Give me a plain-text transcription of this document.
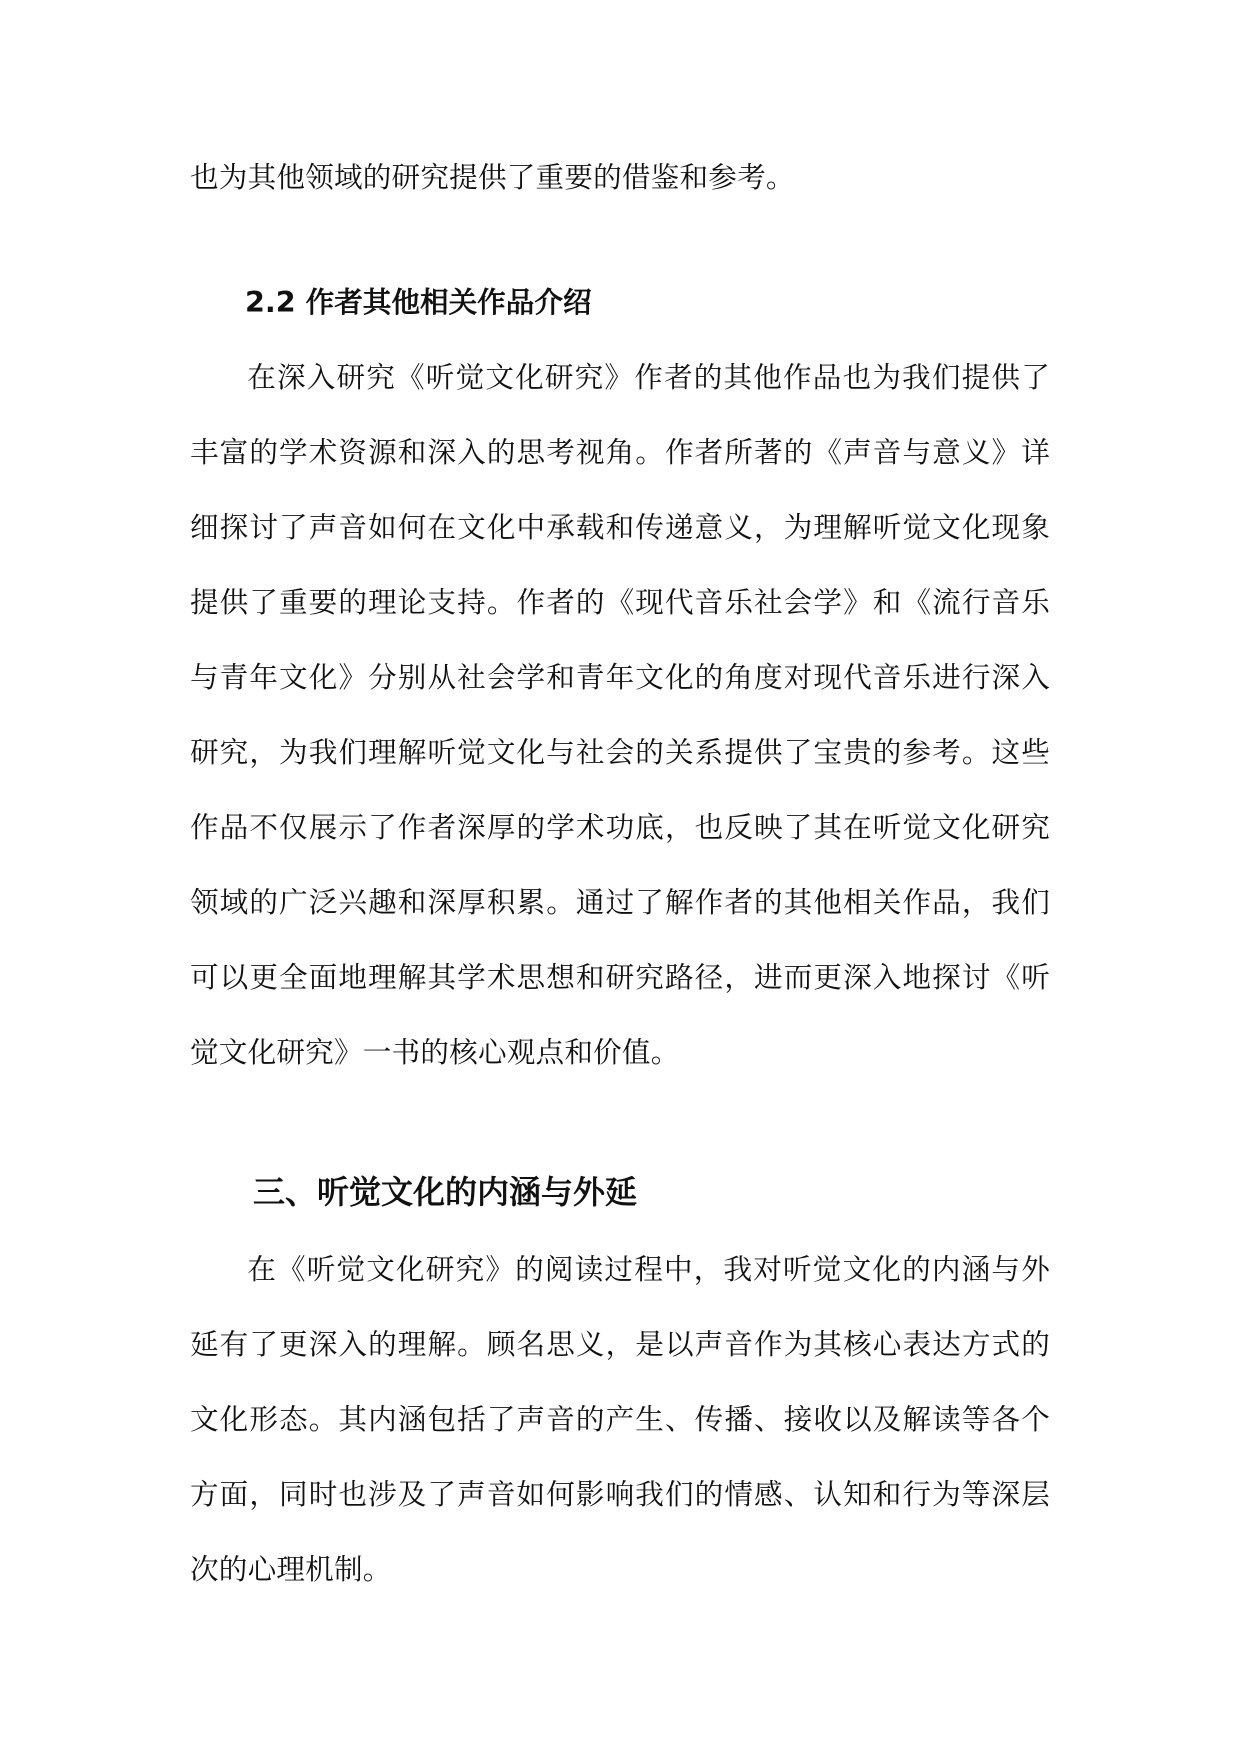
也为其他领域的研究提供了重要的借鉴和参考。

2.2 作者其他相关作品介绍

在深入研究《听觉文化研究》作者的其他作品也为我们提供了丰富的学术资源和深入的思考视角。作者所著的《声音与意义》详细探讨了声音如何在文化中承载和传递意义，为理解听觉文化现象提供了重要的理论支持。作者的《现代音乐社会学》和《流行音乐与青年文化》分别从社会学和青年文化的角度对现代音乐进行深入研究，为我们理解听觉文化与社会的关系提供了宝贵的参考。这些作品不仅展示了作者深厚的学术功底，也反映了其在听觉文化研究领域的广泛兴趣和深厚积累。通过了解作者的其他相关作品，我们可以更全面地理解其学术思想和研究路径，进而更深入地探讨《听觉文化研究》一书的核心观点和价值。

三、听觉文化的内涵与外延

在《听觉文化研究》的阅读过程中，我对听觉文化的内涵与外延有了更深入的理解。顾名思义，是以声音作为其核心表达方式的文化形态。其内涵包括了声音的产生、传播、接收以及解读等各个方面，同时也涉及了声音如何影响我们的情感、认知和行为等深层次的心理机制。
